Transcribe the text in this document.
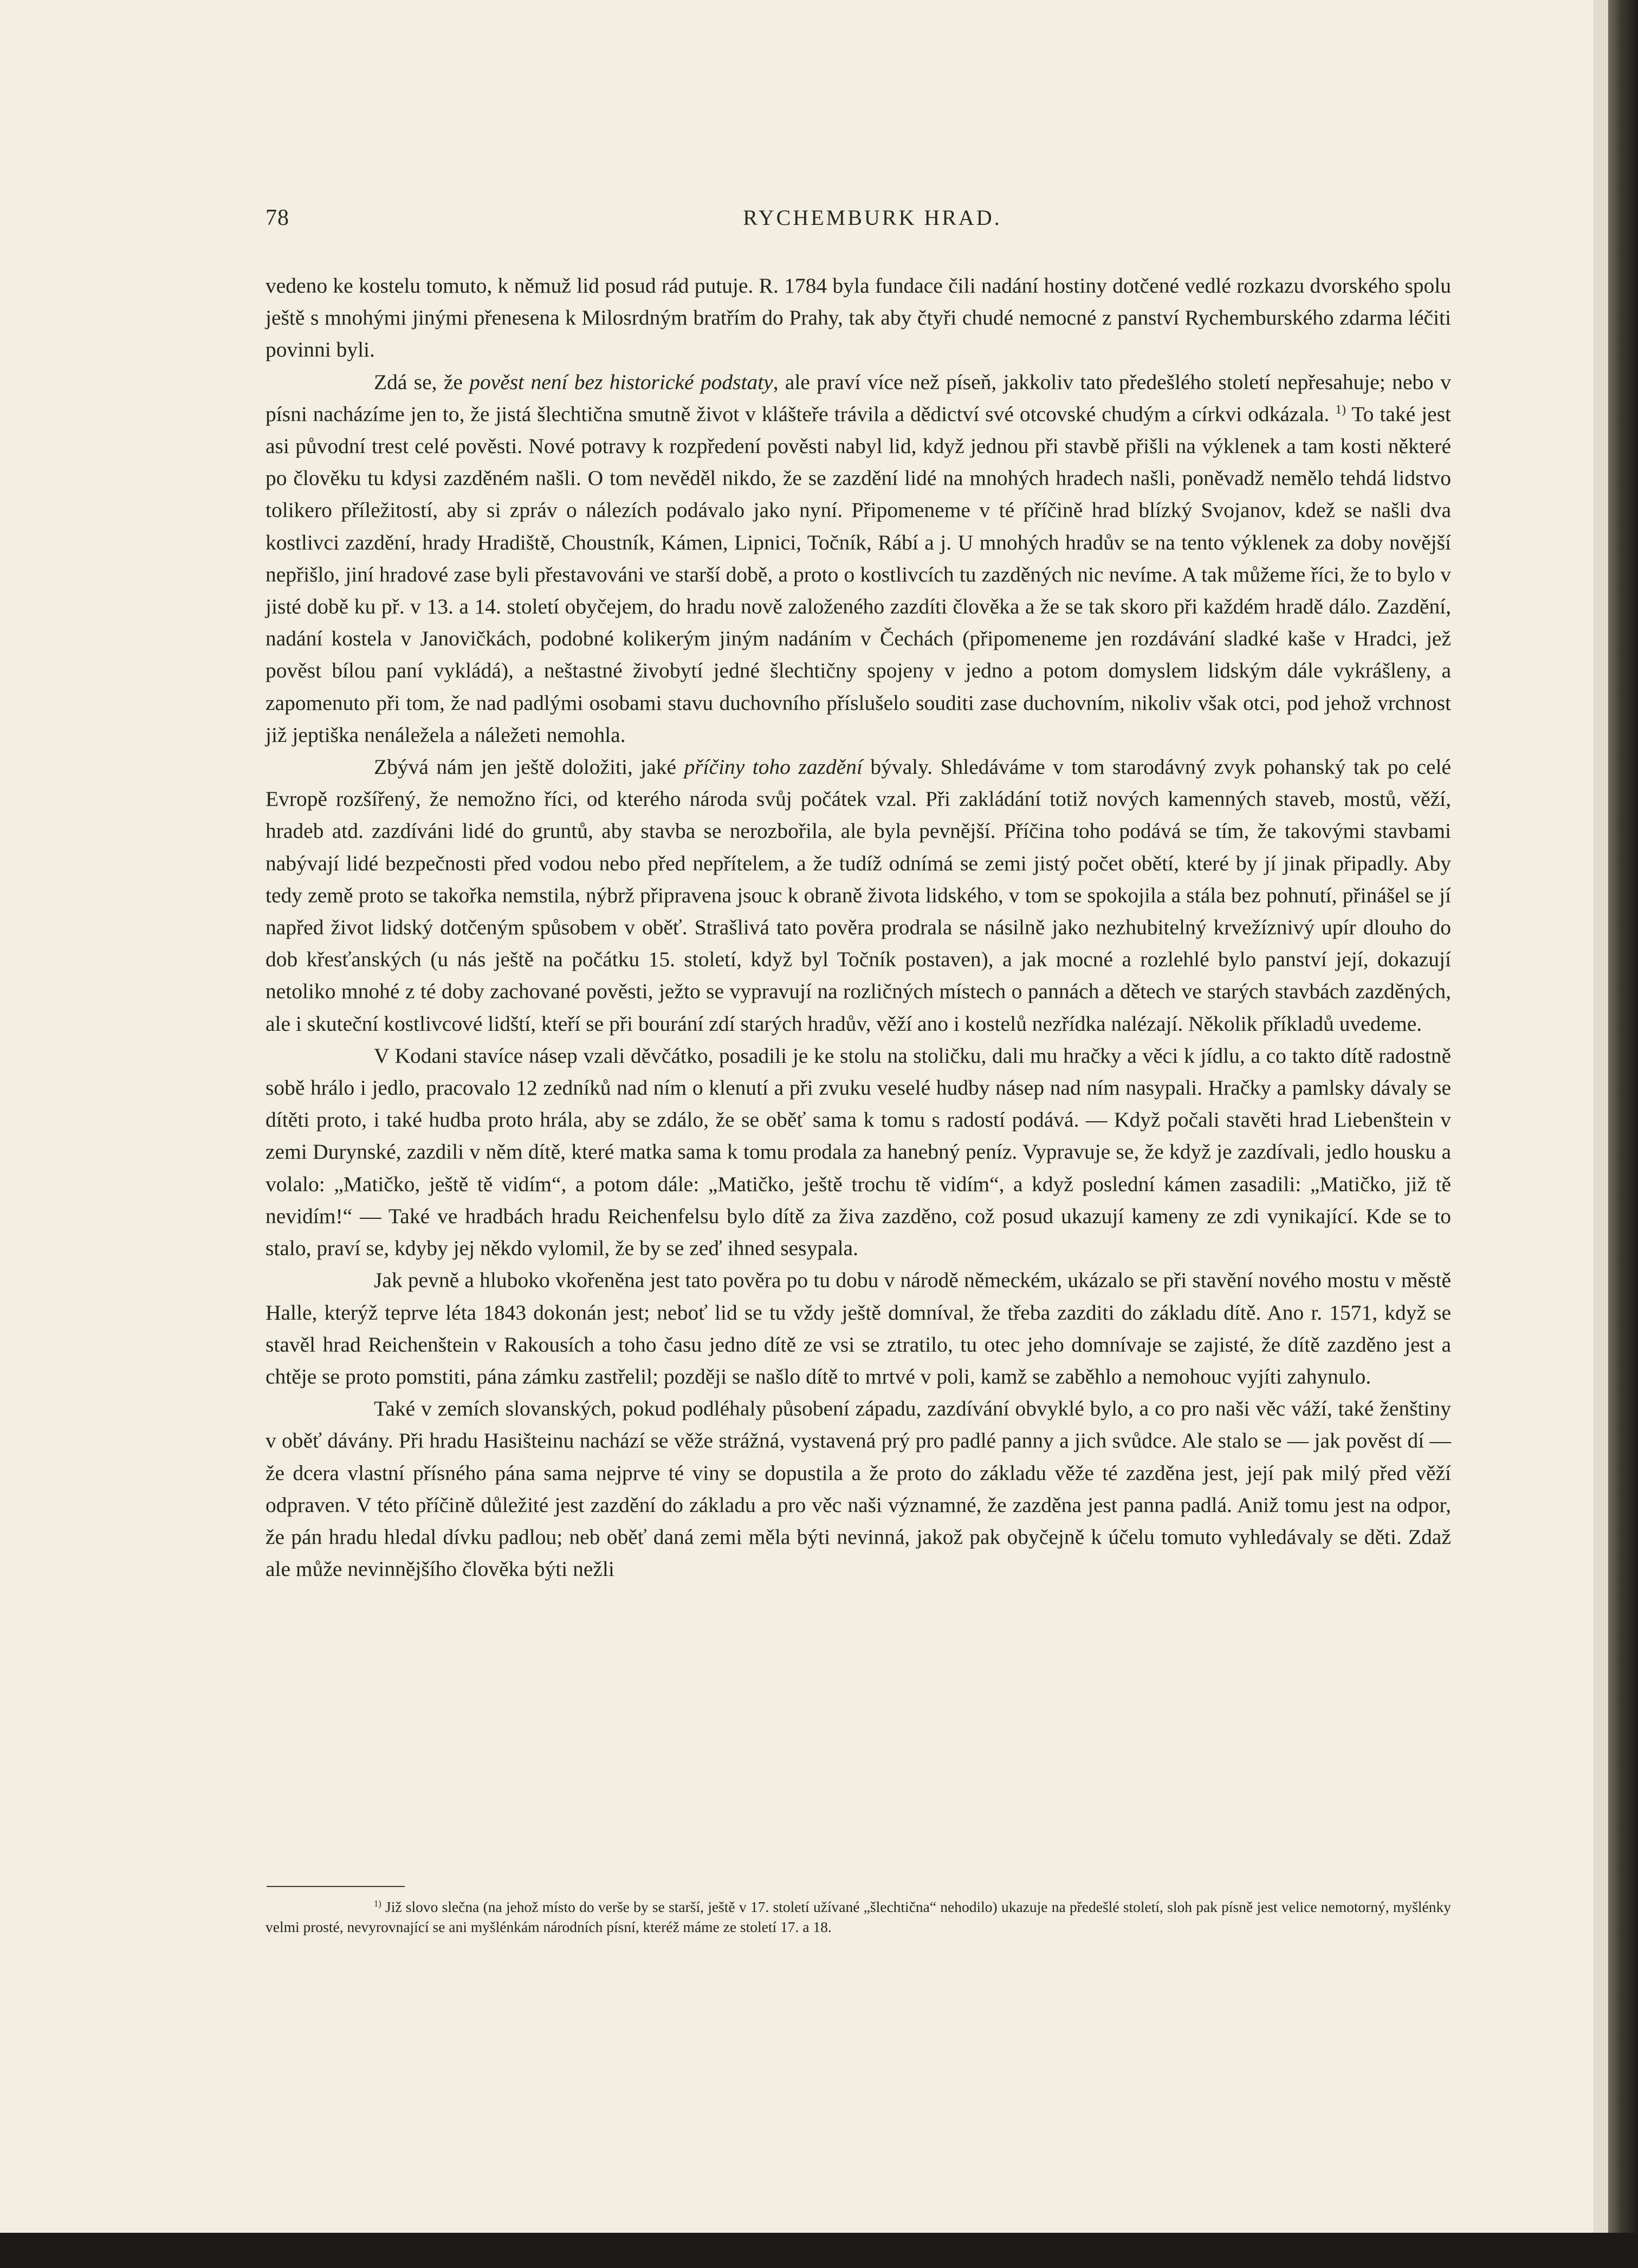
78	RYCHEMBURK HRAD.

vedeno ke kostelu tomuto, k němuž lid posud rád putuje. R. 1784 byla fundace čili nadání hostiny dotčené vedlé rozkazu dvorského spolu ještě s mnohými jinými přenesena k Milosrdným bratřím do Prahy, tak aby čtyři chudé nemocné z panství Rychemburského zdarma léčiti povinni byli.

Zdá se, že pověst není bez historické podstaty, ale praví více než píseň, jakkoliv tato předešlého století nepřesahuje; nebo v písni nacházíme jen to, že jistá šlechtična smutně život v klášteře trávila a dědictví své otcovské chudým a církvi odkázala. $^{1)}$ To také jest asi původní trest celé pověsti. Nové potravy k rozpředení pověsti nabyl lid, když jednou při stavbě přišli na výklenek a tam kosti některé po člověku tu kdysi zazděném našli. O tom nevěděl nikdo, že se zazdění lidé na mnohých hradech našli, poněvadž nemělo tehdá lidstvo tolikero příležitostí, aby si zpráv o nálezích podávalo jako nyní. Připomeneme v té příčině hrad blízký Svojanov, kdež se našli dva kostlivci zazdění, hrady Hradiště, Choustník, Kámen, Lipnici, Točník, Rábí a j. U mnohých hradův se na tento výklenek za doby novější nepřišlo, jiní hradové zase byli přestavováni ve starší době, a proto o kostlivcích tu zazděných nic nevíme. A tak můžeme říci, že to bylo v jisté době ku př. v 13. a 14. století obyčejem, do hradu nově založeného zazdíti člověka a že se tak skoro při každém hradě dálo. Zazdění, nadání kostela v Janovičkách, podobné kolikerým jiným nadáním v Čechách (připomeneme jen rozdávání sladké kaše v Hradci, jež pověst bílou paní vykládá), a neštastné živobytí jedné šlechtičny spojeny v jedno a potom domyslem lidským dále vykrášleny, a zapomenuto při tom, že nad padlými osobami stavu duchovního příslušelo souditi zase duchovním, nikoliv však otci, pod jehož vrchnost již jeptiška nenáležela a náležeti nemohla.

Zbývá nám jen ještě doložiti, jaké příčiny toho zazdění bývaly. Shledáváme v tom starodávný zvyk pohanský tak po celé Evropě rozšířený, že nemožno říci, od kterého národa svůj počátek vzal. Při zakládání totiž nových kamenných staveb, mostů, věží, hradeb atd. zazdíváni lidé do gruntů, aby stavba se nerozbořila, ale byla pevnější. Příčina toho podává se tím, že takovými stavbami nabývají lidé bezpečnosti před vodou nebo před nepřítelem, a že tudíž odnímá se zemi jistý počet obětí, které by jí jinak připadly. Aby tedy země proto se takořka nemstila, nýbrž připravena jsouc k obraně života lidského, v tom se spokojila a stála bez pohnutí, přinášel se jí napřed život lidský dotčeným spůsobem v oběť. Strašlivá tato pověra prodrala se násilně jako nezhubitelný krvežíznivý upír dlouho do dob křesťanských (u nás ještě na počátku 15. století, když byl Točník postaven), a jak mocné a rozlehlé bylo panství její, dokazují netoliko mnohé z té doby zachované pověsti, ježto se vypravují na rozličných místech o pannách a dětech ve starých stavbách zazděných, ale i skuteční kostlivcové lidští, kteří se při bourání zdí starých hradův, věží ano i kostelů nezřídka nalézají. Několik příkladů uvedeme.

V Kodani stavíce násep vzali děvčátko, posadili je ke stolu na stoličku, dali mu hračky a věci k jídlu, a co takto dítě radostně sobě hrálo i jedlo, pracovalo 12 zedníků nad ním o klenutí a při zvuku veselé hudby násep nad ním nasypali. Hračky a pamlsky dávaly se dítěti proto, i také hudba proto hrála, aby se zdálo, že se oběť sama k tomu s radostí podává. — Když počali stavěti hrad Liebenštein v zemi Durynské, zazdili v něm dítě, které matka sama k tomu prodala za hanebný peníz. Vypravuje se, že když je zazdívali, jedlo housku a volalo: „Matičko, ještě tě vidím“, a potom dále: „Matičko, ještě trochu tě vidím“, a když poslední kámen zasadili: „Matičko, již tě nevidím!“ — Také ve hradbách hradu Reichenfelsu bylo dítě za živa zazděno, což posud ukazují kameny ze zdi vynikající. Kde se to stalo, praví se, kdyby jej někdo vylomil, že by se zeď ihned sesypala.

Jak pevně a hluboko vkořeněna jest tato pověra po tu dobu v národě německém, ukázalo se při stavění nového mostu v městě Halle, kterýž teprve léta 1843 dokonán jest; neboť lid se tu vždy ještě domníval, že třeba zazditi do základu dítě. Ano r. 1571, když se stavěl hrad Reichenštein v Rakousích a toho času jedno dítě ze vsi se ztratilo, tu otec jeho domnívaje se zajisté, že dítě zazděno jest a chtěje se proto pomstiti, pána zámku zastřelil; později se našlo dítě to mrtvé v poli, kamž se zaběhlo a nemohouc vyjíti zahynulo.

Také v zemích slovanských, pokud podléhaly působení západu, zazdívání obvyklé bylo, a co pro naši věc váží, také ženštiny v oběť dávány. Při hradu Hasišteinu nachází se věže strážná, vystavená prý pro padlé panny a jich svůdce. Ale stalo se — jak pověst dí — že dcera vlastní přísného pána sama nejprve té viny se dopustila a že proto do základu věže té zazděna jest, její pak milý před věží odpraven. V této příčině důležité jest zazdění do základu a pro věc naši významné, že zazděna jest panna padlá. Aniž tomu jest na odpor, že pán hradu hledal dívku padlou; neb oběť daná zemi měla býti nevinná, jakož pak obyčejně k účelu tomuto vyhledávaly se děti. Zdaž ale může nevinnějšího člověka býti nežli

$^{1)}$ Již slovo slečna (na jehož místo do verše by se starší, ještě v 17. století užívané „šlechtična“ nehodilo) ukazuje na předešlé století, sloh pak písně jest velice nemotorný, myšlénky velmi prosté, nevyrovnající se ani myšlénkám národních písní, kteréž máme ze století 17. a 18.
